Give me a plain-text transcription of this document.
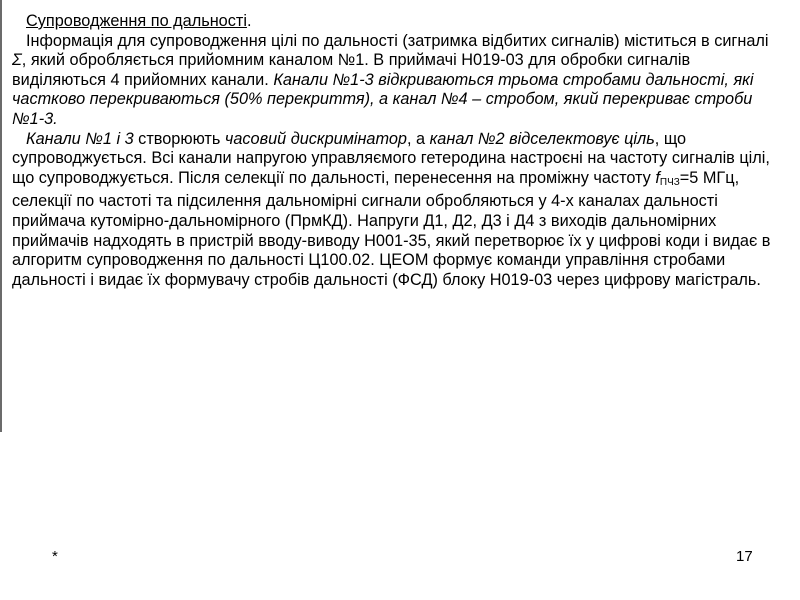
Супроводження по дальності.

Інформація для супроводження цілі по дальності (затримка відбитих сигналів) міститься в сигналі Σ, який обробляється прийомним каналом №1. В приймачі Н019-03 для обробки сигналів виділяються 4 прийомних канали. Канали №1-3 відкриваються трьома стробами дальності, які частково перекриваються (50% перекриття), а канал №4 – стробом, який перекриває строби №1-3.

Канали №1 і 3 створюють часовий дискримінатор, а канал №2 відселектовує ціль, що супроводжується. Всі канали напругою управляємого гетеродина настроєні на частоту сигналів цілі, що супроводжується. Після селекції по дальності, перенесення на проміжну частоту $f_{ПЧЗ}=5$ МГц, селекції по частоті та підсилення дальномірні сигнали обробляються у 4-х каналах дальності приймача кутомірно-дальномірного (ПрмКД). Напруги Д1, Д2, Д3 і Д4 з виходів дальномірних приймачів надходять в пристрій вводу-виводу Н001-35, який перетворює їх у цифрові коди і видає в алгоритм супроводження по дальності Ц100.02. ЦЕОМ формує команди управління стробами дальності і видає їх формувачу стробів дальності (ФСД) блоку Н019-03 через цифрову магістраль.

*	17
